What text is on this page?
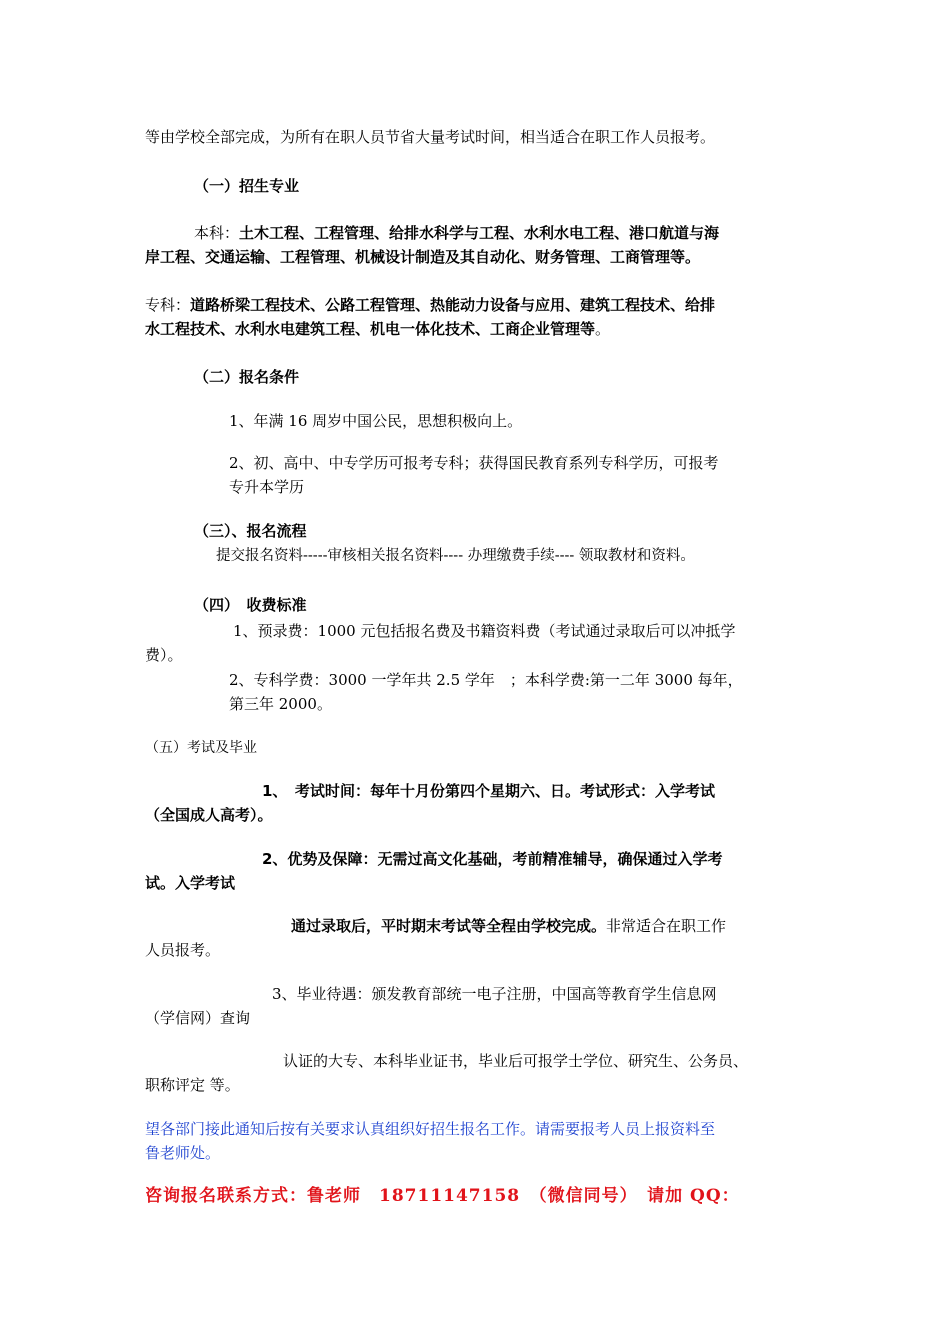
等由学校全部完成，为所有在职人员节省大量考试时间，相当适合在职工作人员报考。
（一）招生专业
本科：土木工程、工程管理、给排水科学与工程、水利水电工程、港口航道与海
岸工程、交通运输、工程管理、机械设计制造及其自动化、财务管理、工商管理等。
专科：道路桥梁工程技术、公路工程管理、热能动力设备与应用、建筑工程技术、给排
水工程技术、水利水电建筑工程、机电一体化技术、工商企业管理等。
（二）报名条件
1、年满 16 周岁中国公民，思想积极向上。
2、初、高中、中专学历可报考专科；获得国民教育系列专科学历，可报考
专升本学历
（三）、报名流程
提交报名资料-----审核相关报名资料---- 办理缴费手续---- 领取教材和资料。
（四）　收费标准
1、预录费：1000 元包括报名费及书籍资料费（考试通过录取后可以冲抵学
费）。
2、专科学费：3000 一学年共 2.5 学年　；本科学费:第一二年 3000 每年，
第三年 2000。
（五）考试及毕业
1、　考试时间：每年十月份第四个星期六、日。考试形式：入学考试
（全国成人高考）。
2、优势及保障：无需过高文化基础，考前精准辅导，确保通过入学考
试。入学考试
通过录取后，平时期末考试等全程由学校完成。非常适合在职工作
人员报考。
3、毕业待遇：颁发教育部统一电子注册，中国高等教育学生信息网
（学信网）查询
认证的大专、本科毕业证书，毕业后可报学士学位、研究生、公务员、
职称评定 等。
望各部门接此通知后按有关要求认真组织好招生报名工作。请需要报考人员上报资料至
鲁老师处。
咨询报名联系方式：鲁老师　18711147158　（微信同号）　请加 QQ：
